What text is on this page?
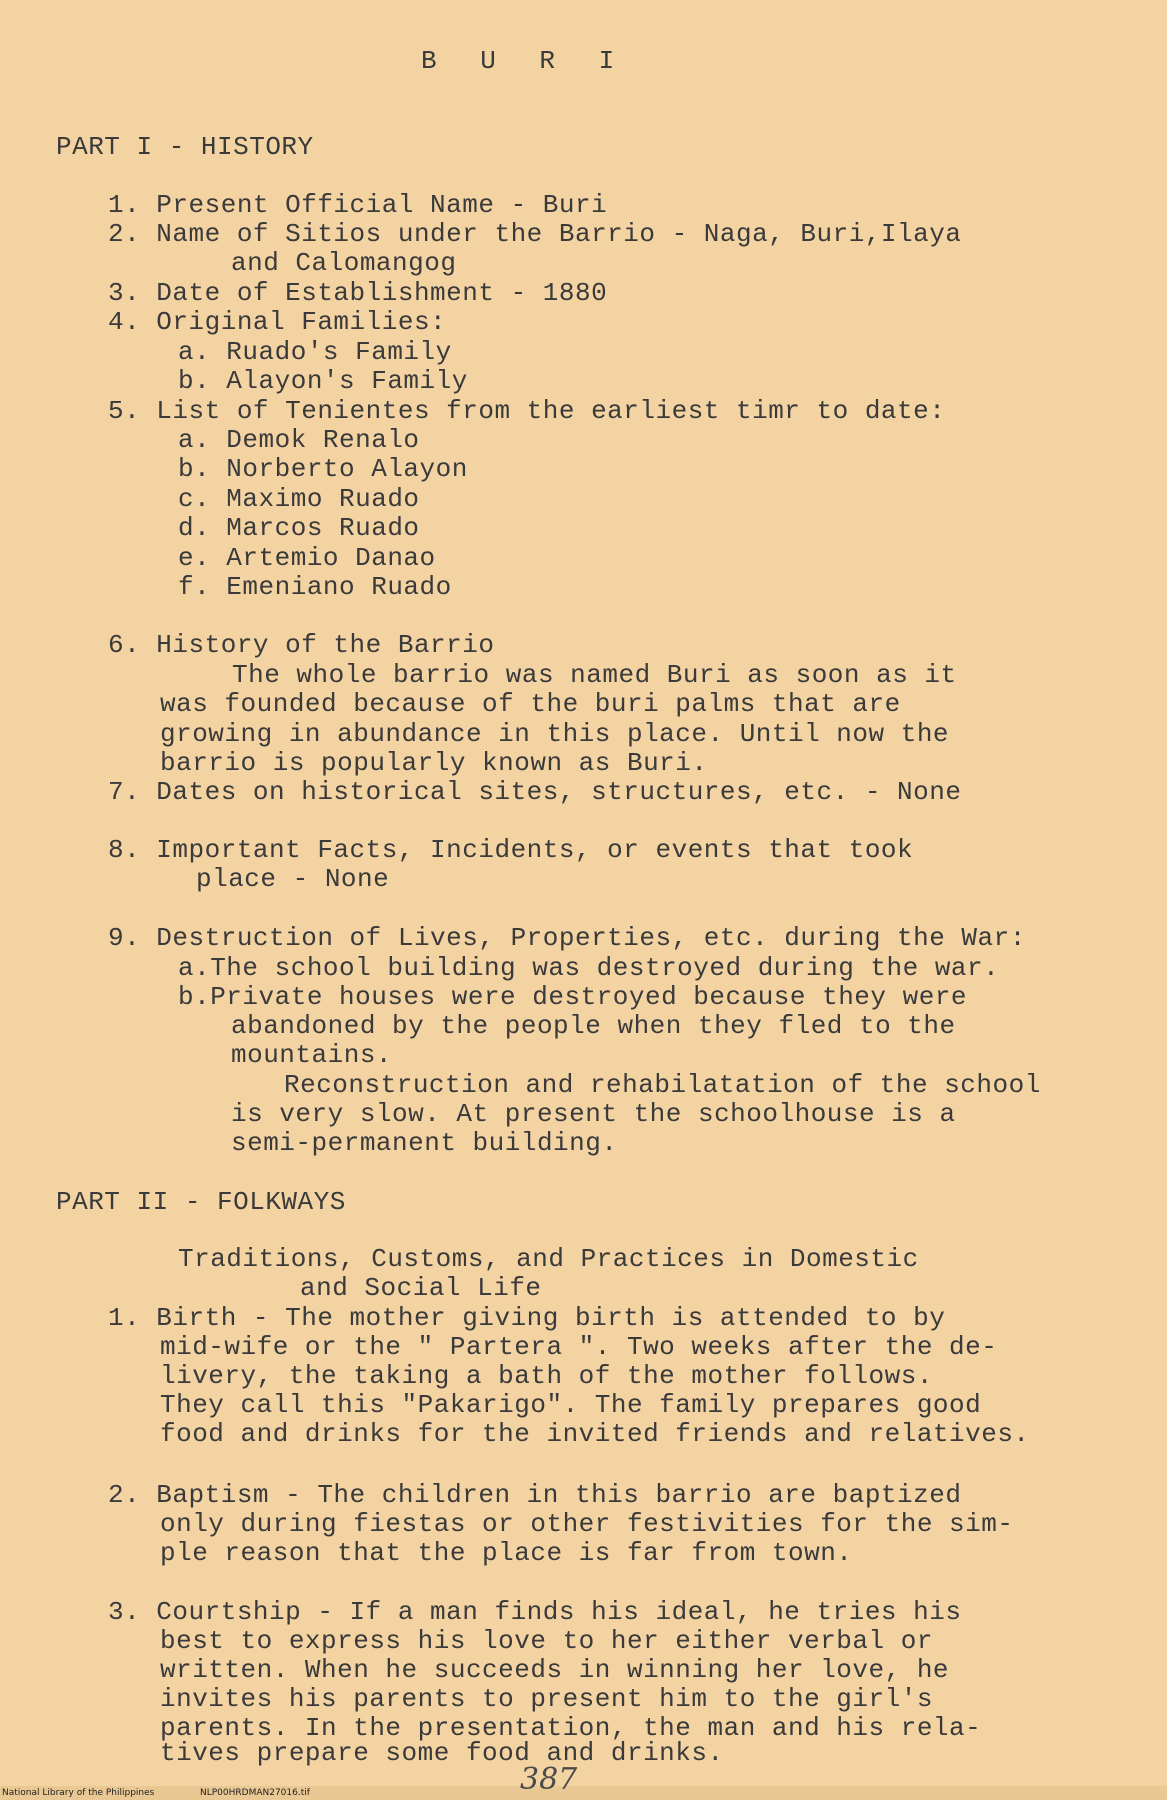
B U R I
PART I - HISTORY
1. Present Official Name - Buri
2. Name of Sitios under the Barrio - Naga, Buri,Ilaya
and Calomangog
3. Date of Establishment - 1880
4. Original Families:
a. Ruado's Family
b. Alayon's Family
5. List of Tenientes from the earliest timr to date:
a. Demok Renalo
b. Norberto Alayon
c. Maximo Ruado
d. Marcos Ruado
e. Artemio Danao
f. Emeniano Ruado
6. History of the Barrio
The whole barrio was named Buri as soon as it
was founded because of the buri palms that are
growing in abundance in this place. Until now the
barrio is popularly known as Buri.
7. Dates on historical sites, structures, etc. - None
8. Important Facts, Incidents, or events that took
place - None
9. Destruction of Lives, Properties, etc. during the War:
a.The school building was destroyed during the war.
b.Private houses were destroyed because they were
abandoned by the people when they fled to the
mountains.
Reconstruction and rehabilatation of the school
is very slow. At present the schoolhouse is a
semi-permanent building.
PART II - FOLKWAYS
Traditions, Customs, and Practices in Domestic
and Social Life
1. Birth - The mother giving birth is attended to by
mid-wife or the " Partera ". Two weeks after the de-
livery, the taking a bath of the mother follows.
They call this "Pakarigo". The family prepares good
food and drinks for the invited friends and relatives.
2. Baptism - The children in this barrio are baptized
only during fiestas or other festivities for the sim-
ple reason that the place is far from town.
3. Courtship - If a man finds his ideal, he tries his
best to express his love to her either verbal or
written. When he succeeds in winning her love, he
invites his parents to present him to the girl's
parents. In the presentation, the man and his rela-
tives prepare some food and drinks.
National Library of the Philippines	NLP00HRDMAN27016.tif	387
